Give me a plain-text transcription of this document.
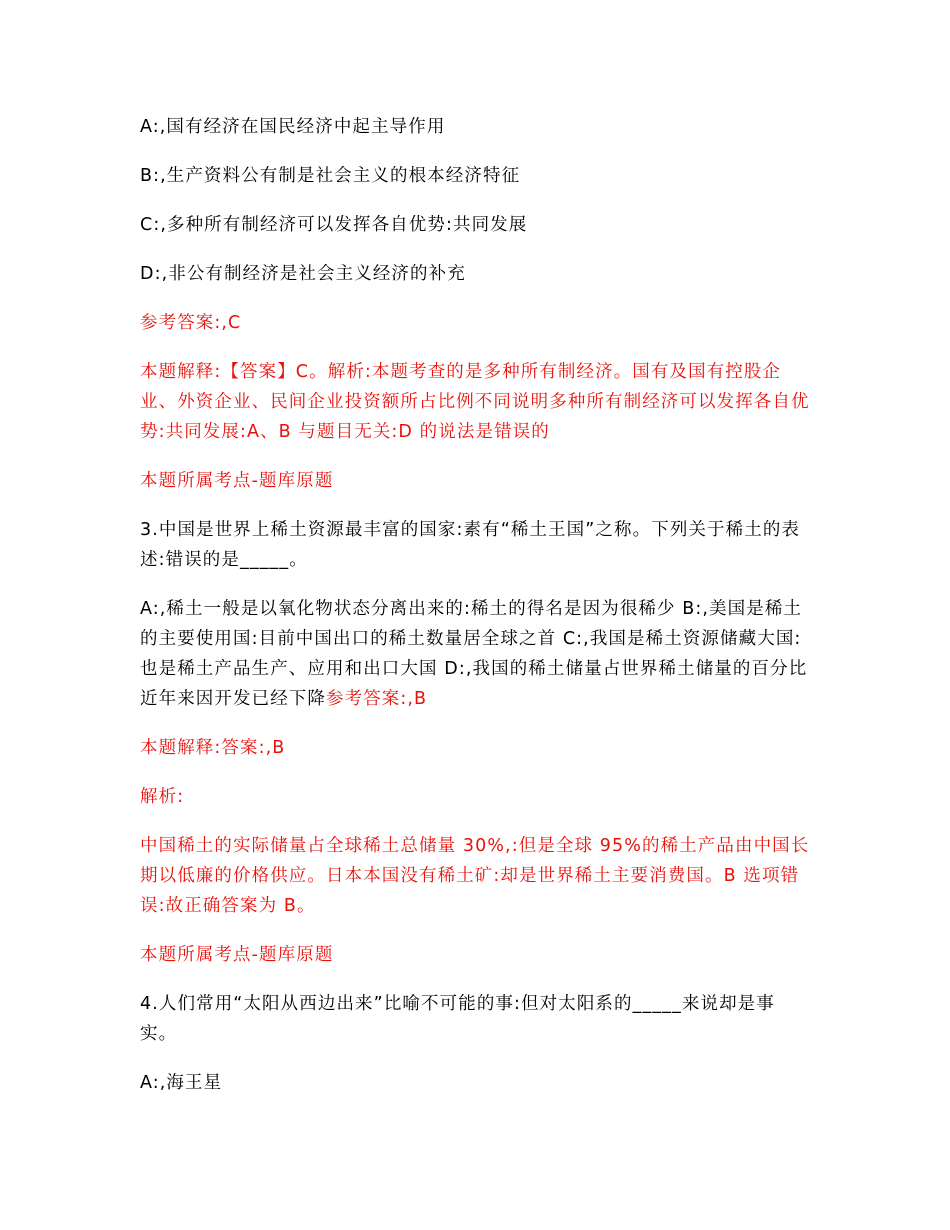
A:,国有经济在国民经济中起主导作用

B:,生产资料公有制是社会主义的根本经济特征

C:,多种所有制经济可以发挥各自优势:共同发展

D:,非公有制经济是社会主义经济的补充

参考答案:,C

本题解释:【答案】C。解析:本题考查的是多种所有制经济。国有及国有控股企业、外资企业、民间企业投资额所占比例不同说明多种所有制经济可以发挥各自优势:共同发展:A、B 与题目无关:D 的说法是错误的

本题所属考点-题库原题

3.中国是世界上稀土资源最丰富的国家:素有“稀土王国”之称。下列关于稀土的表述:错误的是_____。

A:,稀土一般是以氧化物状态分离出来的:稀土的得名是因为很稀少 B:,美国是稀土的主要使用国:目前中国出口的稀土数量居全球之首 C:,我国是稀土资源储藏大国:也是稀土产品生产、应用和出口大国 D:,我国的稀土储量占世界稀土储量的百分比近年来因开发已经下降参考答案:,B

本题解释:答案:,B

解析:

中国稀土的实际储量占全球稀土总储量 30%,:但是全球 95%的稀土产品由中国长期以低廉的价格供应。日本本国没有稀土矿:却是世界稀土主要消费国。B 选项错误:故正确答案为 B。

本题所属考点-题库原题

4.人们常用“太阳从西边出来”比喻不可能的事:但对太阳系的_____来说却是事实。

A:,海王星
